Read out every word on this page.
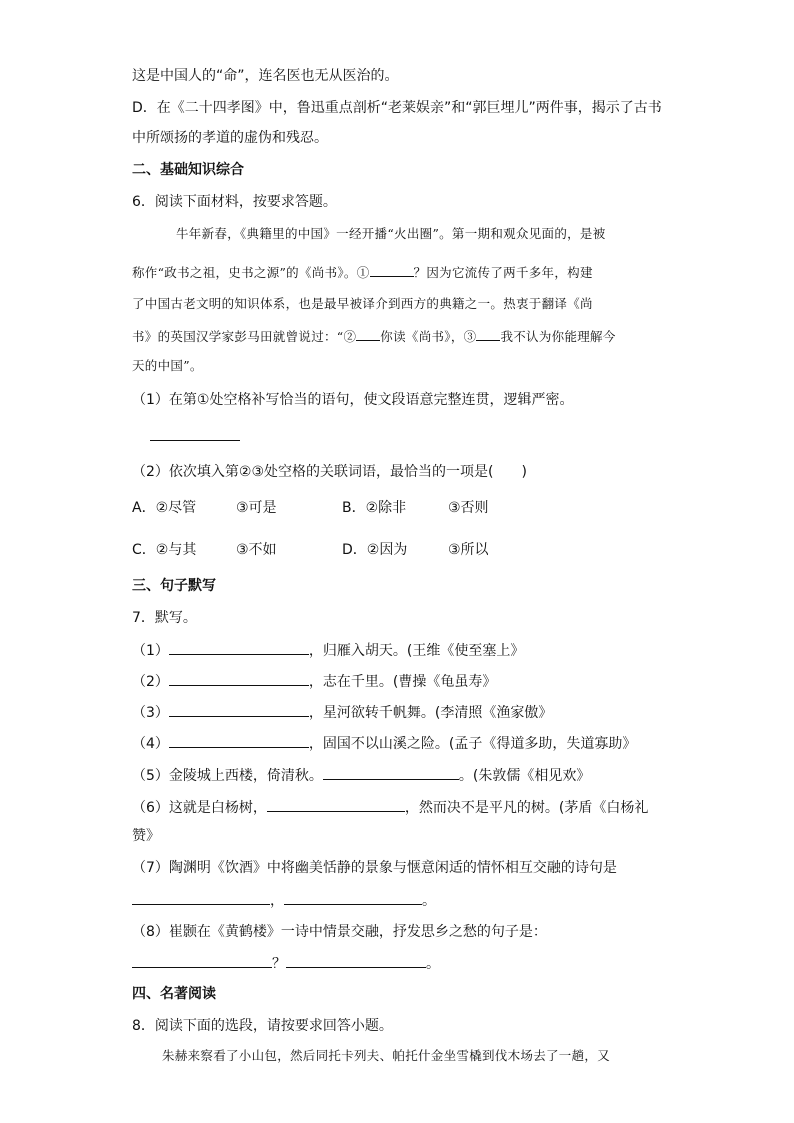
这是中国人的“命”，连名医也无从医治的。
D．在《二十四孝图》中，鲁迅重点剖析“老莱娱亲”和“郭巨埋儿”两件事，揭示了古书
中所颂扬的孝道的虚伪和残忍。
二、基础知识综合
6．阅读下面材料，按要求答题。
牛年新春，《典籍里的中国》一经开播“火出圈”。第一期和观众见面的，是被
称作“政书之祖，史书之源”的《尚书》。①	？因为它流传了两千多年，构建
了中国古老文明的知识体系，也是最早被译介到西方的典籍之一。热衷于翻译《尚
书》的英国汉学家彭马田就曾说过：“② 你读《尚书》，③ 我不认为你能理解今
天的中国”。
（1）在第①处空格补写恰当的语句，使文段语意完整连贯，逻辑严密。
（2）依次填入第②③处空格的关联词语，最恰当的一项是(　　)
A．②尽管	③可是	B．②除非	③否则
C．②与其	③不如	D．②因为	③所以
三、句子默写
7．默写。
（1）	，归雁入胡天。(王维《使至塞上》
（2）	，志在千里。(曹操《龟虽寿》
（3）	，星河欲转千帆舞。(李清照《渔家傲》
（4）	，固国不以山溪之险。(孟子《得道多助，失道寡助》
（5）金陵城上西楼，倚清秋。	。(朱敦儒《相见欢》
（6）这就是白杨树，	，然而决不是平凡的树。(茅盾《白杨礼
赞》
（7）陶渊明《饮酒》中将幽美恬静的景象与惬意闲适的情怀相互交融的诗句是
，	。
（8）崔颢在《黄鹤楼》一诗中情景交融，抒发思乡之愁的句子是：
？	。
四、名著阅读
8．阅读下面的选段，请按要求回答小题。
朱赫来察看了小山包，然后同托卡列夫、帕托什金坐雪橇到伐木场去了一趟，又
